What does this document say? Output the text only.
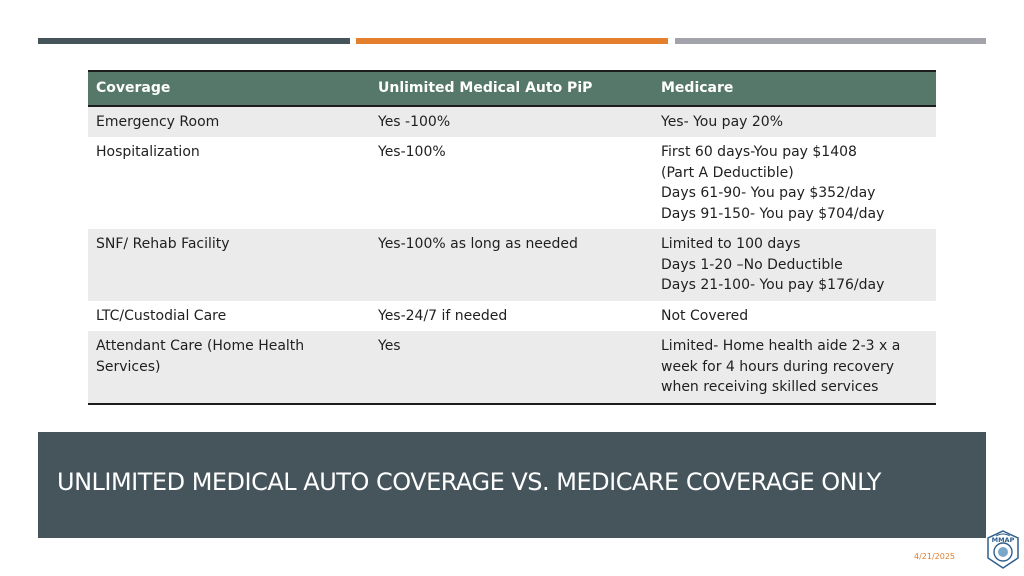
Coverage	Unlimited Medical Auto PiP	Medicare

Emergency Room	Yes -100%	Yes- You pay 20%

Hospitalization	Yes-100%	First 60 days-You pay $1408
(Part A Deductible)
Days 61-90- You pay $352/day
Days 91-150- You pay $704/day

SNF/ Rehab Facility	Yes-100% as long as needed	Limited to 100 days
Days 1-20 –No Deductible
Days 21-100- You pay $176/day

LTC/Custodial Care	Yes-24/7 if needed	Not Covered

Attendant Care (Home Health
Services)	Yes	Limited- Home health aide 2-3 x a
week for 4 hours during recovery
when receiving skilled services
UNLIMITED MEDICAL AUTO COVERAGE VS. MEDICARE COVERAGE ONLY
4/21/2025
MMAP
